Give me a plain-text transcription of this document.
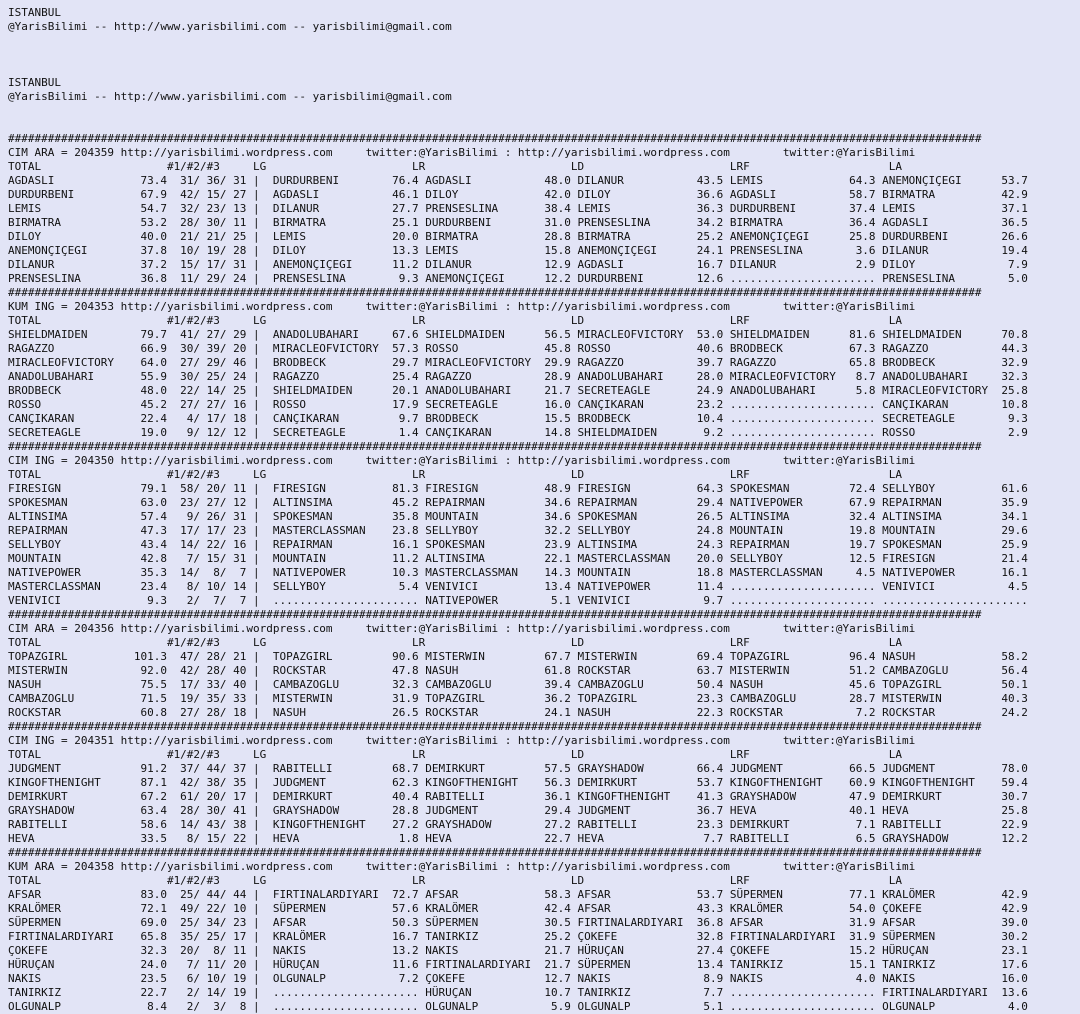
ISTANBUL
@YarisBilimi -- http://www.yarisbilimi.com -- yarisbilimi@gmail.com

ISTANBUL
@YarisBilimi -- http://www.yarisbilimi.com -- yarisbilimi@gmail.com

###################################################################################################################################################
CIM ARA = 204359 http://yarisbilimi.wordpress.com     twitter:@YarisBilimi : http://yarisbilimi.wordpress.com        twitter:@YarisBilimi
TOTAL                   #1/#2/#3     LG                      LR                      LD                      LRF                     LA
AGDASLI             73.4  31/ 36/ 31 |  DURDURBENI        76.4 AGDASLI           48.0 DILANUR           43.5 LEMIS             64.3 ANEMONÇIÇEGI      53.7
DURDURBENI          67.9  42/ 15/ 27 |  AGDASLI           46.1 DILOY             42.0 DILOY             36.6 AGDASLI           58.7 BIRMATRA          42.9
LEMIS               54.7  32/ 23/ 13 |  DILANUR           27.7 PRENSESLINA       38.4 LEMIS             36.3 DURDURBENI        37.4 LEMIS             37.1
BIRMATRA            53.2  28/ 30/ 11 |  BIRMATRA          25.1 DURDURBENI        31.0 PRENSESLINA       34.2 BIRMATRA          36.4 AGDASLI           36.5
DILOY               40.0  21/ 21/ 25 |  LEMIS             20.0 BIRMATRA          28.8 BIRMATRA          25.2 ANEMONÇIÇEGI      25.8 DURDURBENI        26.6
ANEMONÇIÇEGI        37.8  10/ 19/ 28 |  DILOY             13.3 LEMIS             15.8 ANEMONÇIÇEGI      24.1 PRENSESLINA        3.6 DILANUR           19.4
DILANUR             37.2  15/ 17/ 31 |  ANEMONÇIÇEGI      11.2 DILANUR           12.9 AGDASLI           16.7 DILANUR            2.9 DILOY              7.9
PRENSESLINA         36.8  11/ 29/ 24 |  PRENSESLINA        9.3 ANEMONÇIÇEGI      12.2 DURDURBENI        12.6 ...................... PRENSESLINA        5.0
###################################################################################################################################################
KUM ING = 204353 http://yarisbilimi.wordpress.com     twitter:@YarisBilimi : http://yarisbilimi.wordpress.com        twitter:@YarisBilimi
TOTAL                   #1/#2/#3     LG                      LR                      LD                      LRF                     LA
SHIELDMAIDEN        79.7  41/ 27/ 29 |  ANADOLUBAHARI     67.6 SHIELDMAIDEN      56.5 MIRACLEOFVICTORY  53.0 SHIELDMAIDEN      81.6 SHIELDMAIDEN      70.8
RAGAZZO             66.9  30/ 39/ 20 |  MIRACLEOFVICTORY  57.3 ROSSO             45.8 ROSSO             40.6 BRODBECK          67.3 RAGAZZO           44.3
MIRACLEOFVICTORY    64.0  27/ 29/ 46 |  BRODBECK          29.7 MIRACLEOFVICTORY  29.9 RAGAZZO           39.7 RAGAZZO           65.8 BRODBECK          32.9
ANADOLUBAHARI       55.9  30/ 25/ 24 |  RAGAZZO           25.4 RAGAZZO           28.9 ANADOLUBAHARI     28.0 MIRACLEOFVICTORY   8.7 ANADOLUBAHARI     32.3
BRODBECK            48.0  22/ 14/ 25 |  SHIELDMAIDEN      20.1 ANADOLUBAHARI     21.7 SECRETEAGLE       24.9 ANADOLUBAHARI      5.8 MIRACLEOFVICTORY  25.8
ROSSO               45.2  27/ 27/ 16 |  ROSSO             17.9 SECRETEAGLE       16.0 CANÇIKARAN        23.2 ...................... CANÇIKARAN        10.8
CANÇIKARAN          22.4   4/ 17/ 18 |  CANÇIKARAN         9.7 BRODBECK          15.5 BRODBECK          10.4 ...................... SECRETEAGLE        9.3
SECRETEAGLE         19.0   9/ 12/ 12 |  SECRETEAGLE        1.4 CANÇIKARAN        14.8 SHIELDMAIDEN       9.2 ...................... ROSSO              2.9
###################################################################################################################################################
CIM ING = 204350 http://yarisbilimi.wordpress.com     twitter:@YarisBilimi : http://yarisbilimi.wordpress.com        twitter:@YarisBilimi
TOTAL                   #1/#2/#3     LG                      LR                      LD                      LRF                     LA
FIRESIGN            79.1  58/ 20/ 11 |  FIRESIGN          81.3 FIRESIGN          48.9 FIRESIGN          64.3 SPOKESMAN         72.4 SELLYBOY          61.6
SPOKESMAN           63.0  23/ 27/ 12 |  ALTINSIMA         45.2 REPAIRMAN         34.6 REPAIRMAN         29.4 NATIVEPOWER       67.9 REPAIRMAN         35.9
ALTINSIMA           57.4   9/ 26/ 31 |  SPOKESMAN         35.8 MOUNTAIN          34.6 SPOKESMAN         26.5 ALTINSIMA         32.4 ALTINSIMA         34.1
REPAIRMAN           47.3  17/ 17/ 23 |  MASTERCLASSMAN    23.8 SELLYBOY          32.2 SELLYBOY          24.8 MOUNTAIN          19.8 MOUNTAIN          29.6
SELLYBOY            43.4  14/ 22/ 16 |  REPAIRMAN         16.1 SPOKESMAN         23.9 ALTINSIMA         24.3 REPAIRMAN         19.7 SPOKESMAN         25.9
MOUNTAIN            42.8   7/ 15/ 31 |  MOUNTAIN          11.2 ALTINSIMA         22.1 MASTERCLASSMAN    20.0 SELLYBOY          12.5 FIRESIGN          21.4
NATIVEPOWER         35.3  14/  8/  7 |  NATIVEPOWER       10.3 MASTERCLASSMAN    14.3 MOUNTAIN          18.8 MASTERCLASSMAN     4.5 NATIVEPOWER       16.1
MASTERCLASSMAN      23.4   8/ 10/ 14 |  SELLYBOY           5.4 VENIVICI          13.4 NATIVEPOWER       11.4 ...................... VENIVICI           4.5
VENIVICI             9.3   2/  7/  7 |  ...................... NATIVEPOWER        5.1 VENIVICI           9.7 ...................... ......................
###################################################################################################################################################
CIM ARA = 204356 http://yarisbilimi.wordpress.com     twitter:@YarisBilimi : http://yarisbilimi.wordpress.com        twitter:@YarisBilimi
TOTAL                   #1/#2/#3     LG                      LR                      LD                      LRF                     LA
TOPAZGIRL          101.3  47/ 28/ 21 |  TOPAZGIRL         90.6 MISTERWIN         67.7 MISTERWIN         69.4 TOPAZGIRL         96.4 NASUH             58.2
MISTERWIN           92.0  42/ 28/ 40 |  ROCKSTAR          47.8 NASUH             61.8 ROCKSTAR          63.7 MISTERWIN         51.2 CAMBAZOGLU        56.4
NASUH               75.5  17/ 33/ 40 |  CAMBAZOGLU        32.3 CAMBAZOGLU        39.4 CAMBAZOGLU        50.4 NASUH             45.6 TOPAZGIRL         50.1
CAMBAZOGLU          71.5  19/ 35/ 33 |  MISTERWIN         31.9 TOPAZGIRL         36.2 TOPAZGIRL         23.3 CAMBAZOGLU        28.7 MISTERWIN         40.3
ROCKSTAR            60.8  27/ 28/ 18 |  NASUH             26.5 ROCKSTAR          24.1 NASUH             22.3 ROCKSTAR           7.2 ROCKSTAR          24.2
###################################################################################################################################################
CIM ING = 204351 http://yarisbilimi.wordpress.com     twitter:@YarisBilimi : http://yarisbilimi.wordpress.com        twitter:@YarisBilimi
TOTAL                   #1/#2/#3     LG                      LR                      LD                      LRF                     LA
JUDGMENT            91.2  37/ 44/ 37 |  RABITELLI         68.7 DEMIRKURT         57.5 GRAYSHADOW        66.4 JUDGMENT          66.5 JUDGMENT          78.0
KINGOFTHENIGHT      87.1  42/ 38/ 35 |  JUDGMENT          62.3 KINGOFTHENIGHT    56.3 DEMIRKURT         53.7 KINGOFTHENIGHT    60.9 KINGOFTHENIGHT    59.4
DEMIRKURT           67.2  61/ 20/ 17 |  DEMIRKURT         40.4 RABITELLI         36.1 KINGOFTHENIGHT    41.3 GRAYSHADOW        47.9 DEMIRKURT         30.7
GRAYSHADOW          63.4  28/ 30/ 41 |  GRAYSHADOW        28.8 JUDGMENT          29.4 JUDGMENT          36.7 HEVA              40.1 HEVA              25.8
RABITELLI           58.6  14/ 43/ 38 |  KINGOFTHENIGHT    27.2 GRAYSHADOW        27.2 RABITELLI         23.3 DEMIRKURT          7.1 RABITELLI         22.9
HEVA                33.5   8/ 15/ 22 |  HEVA               1.8 HEVA              22.7 HEVA               7.7 RABITELLI          6.5 GRAYSHADOW        12.2
###################################################################################################################################################
KUM ARA = 204358 http://yarisbilimi.wordpress.com     twitter:@YarisBilimi : http://yarisbilimi.wordpress.com        twitter:@YarisBilimi
TOTAL                   #1/#2/#3     LG                      LR                      LD                      LRF                     LA
AFSAR               83.0  25/ 44/ 44 |  FIRTINALARDIYARI  72.7 AFSAR             58.3 AFSAR             53.7 SÜPERMEN          77.1 KRALÖMER          42.9
KRALÖMER            72.1  49/ 22/ 10 |  SÜPERMEN          57.6 KRALÖMER          42.4 AFSAR             43.3 KRALÖMER          54.0 ÇOKEFE            42.9
SÜPERMEN            69.0  25/ 34/ 23 |  AFSAR             50.3 SÜPERMEN          30.5 FIRTINALARDIYARI  36.8 AFSAR             31.9 AFSAR             39.0
FIRTINALARDIYARI    65.8  35/ 25/ 17 |  KRALÖMER          16.7 TANIRKIZ          25.2 ÇOKEFE            32.8 FIRTINALARDIYARI  31.9 SÜPERMEN          30.2
ÇOKEFE              32.3  20/  8/ 11 |  NAKIS             13.2 NAKIS             21.7 HÜRUÇAN           27.4 ÇOKEFE            15.2 HÜRUÇAN           23.1
HÜRUÇAN             24.0   7/ 11/ 20 |  HÜRUÇAN           11.6 FIRTINALARDIYARI  21.7 SÜPERMEN          13.4 TANIRKIZ          15.1 TANIRKIZ          17.6
NAKIS               23.5   6/ 10/ 19 |  OLGUNALP           7.2 ÇOKEFE            12.7 NAKIS              8.9 NAKIS              4.0 NAKIS             16.0
TANIRKIZ            22.7   2/ 14/ 19 |  ...................... HÜRUÇAN           10.7 TANIRKIZ           7.7 ...................... FIRTINALARDIYARI  13.6
OLGUNALP             8.4   2/  3/  8 |  ...................... OLGUNALP           5.9 OLGUNALP           5.1 ...................... OLGUNALP           4.0
